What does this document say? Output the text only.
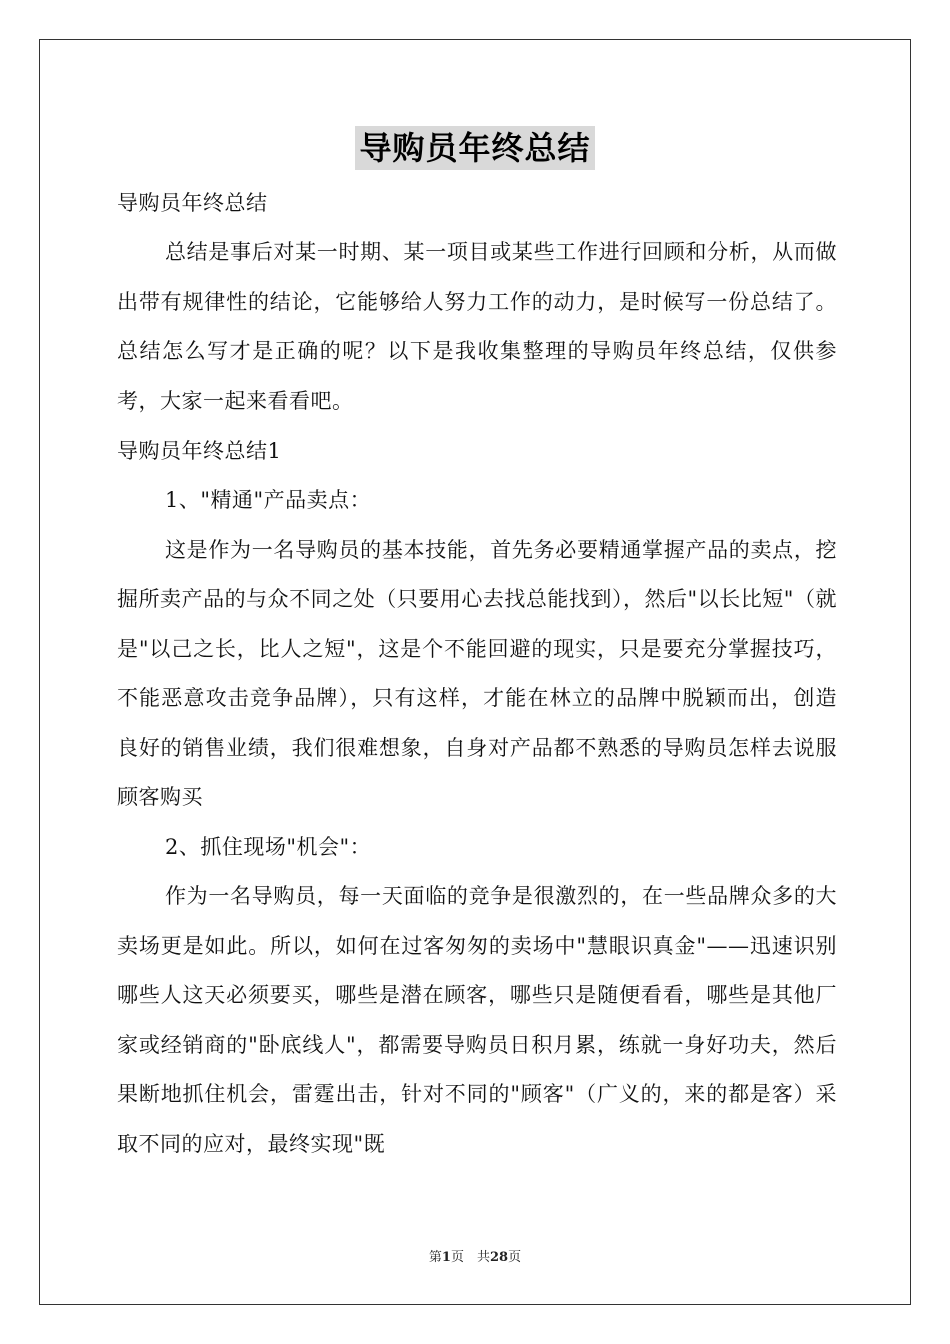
导购员年终总结

导购员年终总结

总结是事后对某一时期、某一项目或某些工作进行回顾和分析，从而做出带有规律性的结论，它能够给人努力工作的动力，是时候写一份总结了。总结怎么写才是正确的呢？以下是我收集整理的导购员年终总结，仅供参考，大家一起来看看吧。

导购员年终总结1

1、"精通"产品卖点：

这是作为一名导购员的基本技能，首先务必要精通掌握产品的卖点，挖掘所卖产品的与众不同之处（只要用心去找总能找到），然后"以长比短"（就是"以己之长，比人之短"，这是个不能回避的现实，只是要充分掌握技巧，不能恶意攻击竞争品牌），只有这样，才能在林立的品牌中脱颖而出，创造良好的销售业绩，我们很难想象，自身对产品都不熟悉的导购员怎样去说服顾客购买

2、抓住现场"机会"：

作为一名导购员，每一天面临的竞争是很激烈的，在一些品牌众多的大卖场更是如此。所以，如何在过客匆匆的卖场中"慧眼识真金"——迅速识别哪些人这天必须要买，哪些是潜在顾客，哪些只是随便看看，哪些是其他厂家或经销商的"卧底线人"，都需要导购员日积月累，练就一身好功夫，然后果断地抓住机会，雷霆出击，针对不同的"顾客"（广义的，来的都是客）采取不同的应对，最终实现"既

第1页　共28页
